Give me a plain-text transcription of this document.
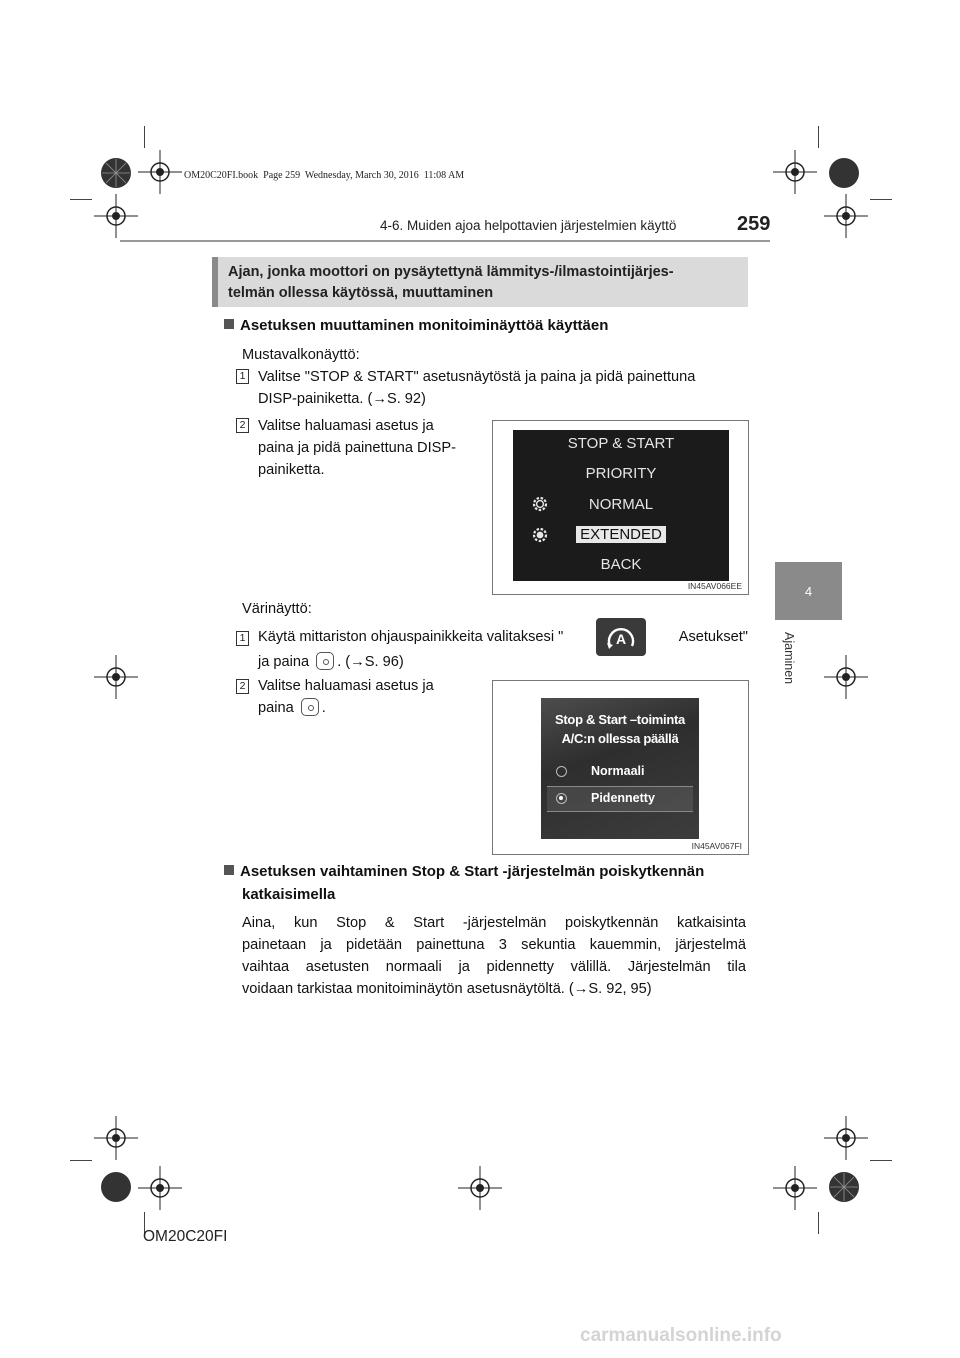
OM20C20FI.book  Page 259  Wednesday, March 30, 2016  11:08 AM
4-6. Muiden ajoa helpottavien järjestelmien käyttö	259
4
Ajaminen
Ajan, jonka moottori on pysäytettynä lämmitys-/ilmastointijärjes-
telmän ollessa käytössä, muuttaminen
Asetuksen muuttaminen monitoiminäyttöä käyttäen
Mustavalkonäyttö:
1 Valitse "STOP & START" asetusnäytöstä ja paina ja pidä painettuna
DISP-painiketta. (→S. 92)
2 Valitse haluamasi asetus ja
paina ja pidä painettuna DISP-
painiketta.
STOP & START
PRIORITY
NORMAL
EXTENDED
BACK
IN45AV066EE
Värinäyttö:
1 Käytä mittariston ohjauspainikkeita valitaksesi "	A	Asetukset"
ja paina . (→S. 96)
2 Valitse haluamasi asetus ja
paina .
Stop & Start –toiminta
A/C:n ollessa päällä
Normaali
Pidennetty
IN45AV067FI
Asetuksen vaihtaminen Stop & Start -järjestelmän poiskytkennän
katkaisimella
Aina, kun Stop & Start -järjestelmän poiskytkennän katkaisinta
painetaan ja pidetään painettuna 3 sekuntia kauemmin, järjestelmä
vaihtaa asetusten normaali ja pidennetty välillä. Järjestelmän tila
voidaan tarkistaa monitoiminäytön asetusnäytöltä. (→S. 92, 95)
OM20C20FI
carmanualsonline.info
